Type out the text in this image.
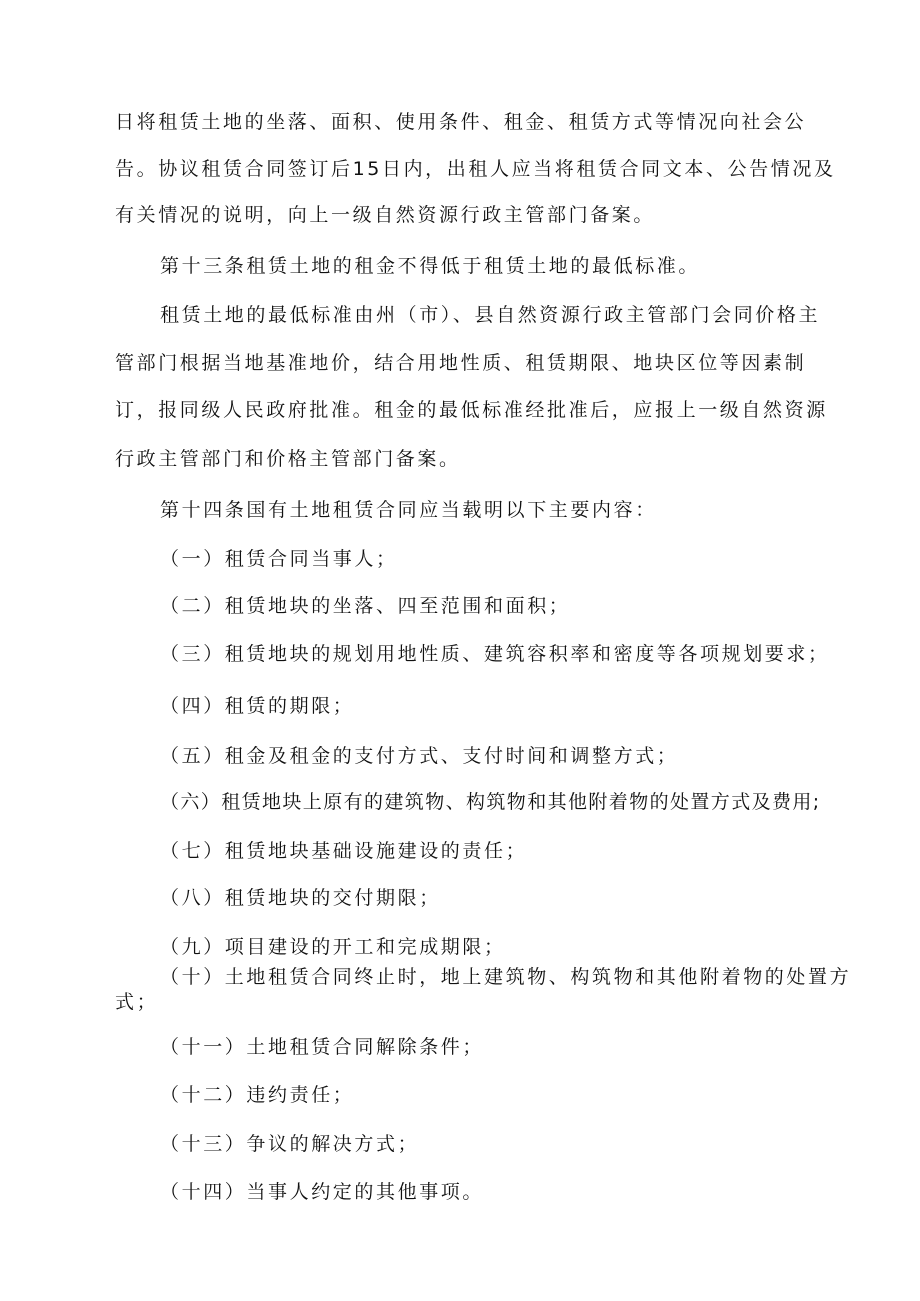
日将租赁土地的坐落、面积、使用条件、租金、租赁方式等情况向社会公
告。协议租赁合同签订后15日内，出租人应当将租赁合同文本、公告情况及
有关情况的说明，向上一级自然资源行政主管部门备案。
第十三条租赁土地的租金不得低于租赁土地的最低标准。
租赁土地的最低标准由州（市）、县自然资源行政主管部门会同价格主
管部门根据当地基准地价，结合用地性质、租赁期限、地块区位等因素制
订，报同级人民政府批准。租金的最低标准经批准后，应报上一级自然资源
行政主管部门和价格主管部门备案。
第十四条国有土地租赁合同应当载明以下主要内容：
（一）租赁合同当事人；
（二）租赁地块的坐落、四至范围和面积；
（三）租赁地块的规划用地性质、建筑容积率和密度等各项规划要求；
（四）租赁的期限；
（五）租金及租金的支付方式、支付时间和调整方式；
（六）租赁地块上原有的建筑物、构筑物和其他附着物的处置方式及费用;
（七）租赁地块基础设施建设的责任；
（八）租赁地块的交付期限；
（九）项目建设的开工和完成期限；
（十）土地租赁合同终止时，地上建筑物、构筑物和其他附着物的处置方
式；
（十一）土地租赁合同解除条件；
（十二）违约责任；
（十三）争议的解决方式；
（十四）当事人约定的其他事项。
